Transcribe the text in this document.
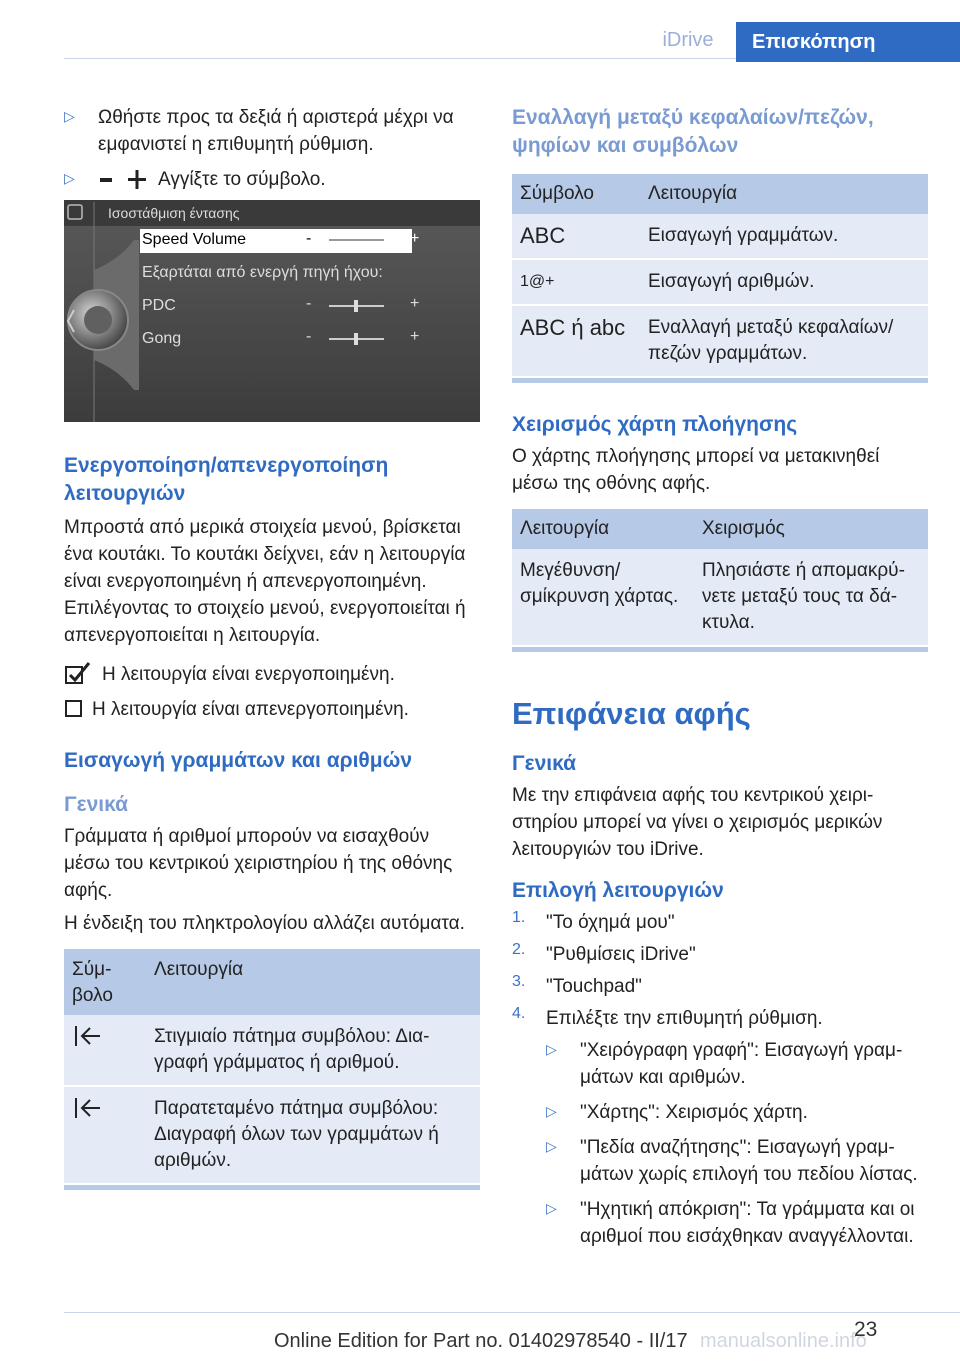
iDrive	Επισκόπηση
▷	Ωθήστε προς τα δεξιά ή αριστερά μέχρι να εμφανιστεί η επιθυμητή ρύθμιση.

▷	Αγγίξτε το σύμβολο.

Ισοστάθμιση έντασης
Speed Volume	-	+
Εξαρτάται από ενεργή πηγή ήχου:
PDC	-	+
Gong	-	+
Ενεργοποίηση/απενεργοποίηση λειτουργιών

Μπροστά από μερικά στοιχεία μενού, βρίσκεται ένα κουτάκι. Το κουτάκι δείχνει, εάν η λειτουργία είναι ενεργοποιημένη ή απενεργοποιημένη. Επιλέγοντας το στοιχείο μενού, ενεργοποιείται ή απενεργοποιείται η λειτουργία.

Η λειτουργία είναι ενεργοποιημένη.

Η λειτουργία είναι απενεργοποιημένη.

Εισαγωγή γραμμάτων και αριθμών
Γενικά

Γράμματα ή αριθμοί μπορούν να εισαχθούν μέσω του κεντρικού χειριστηρίου ή της οθόνης αφής.

Η ένδειξη του πληκτρολογίου αλλάζει αυτόματα.

Σύμβολο	Λειτουργία
	Στιγμιαίο πάτημα συμβόλου: Διαγραφή γράμματος ή αριθμού.
	Παρατεταμένο πάτημα συμβόλου: Διαγραφή όλων των γραμμάτων ή αριθμών.
Εναλλαγή μεταξύ κεφαλαίων/πεζών, ψηφίων και συμβόλων
Σύμβολο	Λειτουργία
ABC	Εισαγωγή γραμμάτων.
1@+	Εισαγωγή αριθμών.
ABC ή abc	Εναλλαγή μεταξύ κεφαλαίων/πεζών γραμμάτων.
Χειρισμός χάρτη πλοήγησης

Ο χάρτης πλοήγησης μπορεί να μετακινηθεί μέσω της οθόνης αφής.

Λειτουργία	Χειρισμός
Μεγέθυνση/σμίκρυνση χάρτας.	Πλησιάστε ή απομακρύνετε μεταξύ τους τα δάκτυλα.
Επιφάνεια αφής
Γενικά

Με την επιφάνεια αφής του κεντρικού χειριστηρίου μπορεί να γίνει ο χειρισμός μερικών λειτουργιών του iDrive.

Επιλογή λειτουργιών
1.	"Το όχημά μου"

2.	"Ρυθμίσεις iDrive"

3.	"Touchpad"

4.	Επιλέξτε την επιθυμητή ρύθμιση.

▷	"Χειρόγραφη γραφή": Εισαγωγή γραμμάτων και αριθμών.

▷	"Χάρτης": Χειρισμός χάρτη.

▷	"Πεδία αναζήτησης": Εισαγωγή γραμμάτων χωρίς επιλογή του πεδίου λίστας.

▷	"Ηχητική απόκριση": Τα γράμματα και οι αριθμοί που εισάχθηκαν αναγγέλλονται.

23
manualsonline.info
Online Edition for Part no. 01402978540 - II/17
